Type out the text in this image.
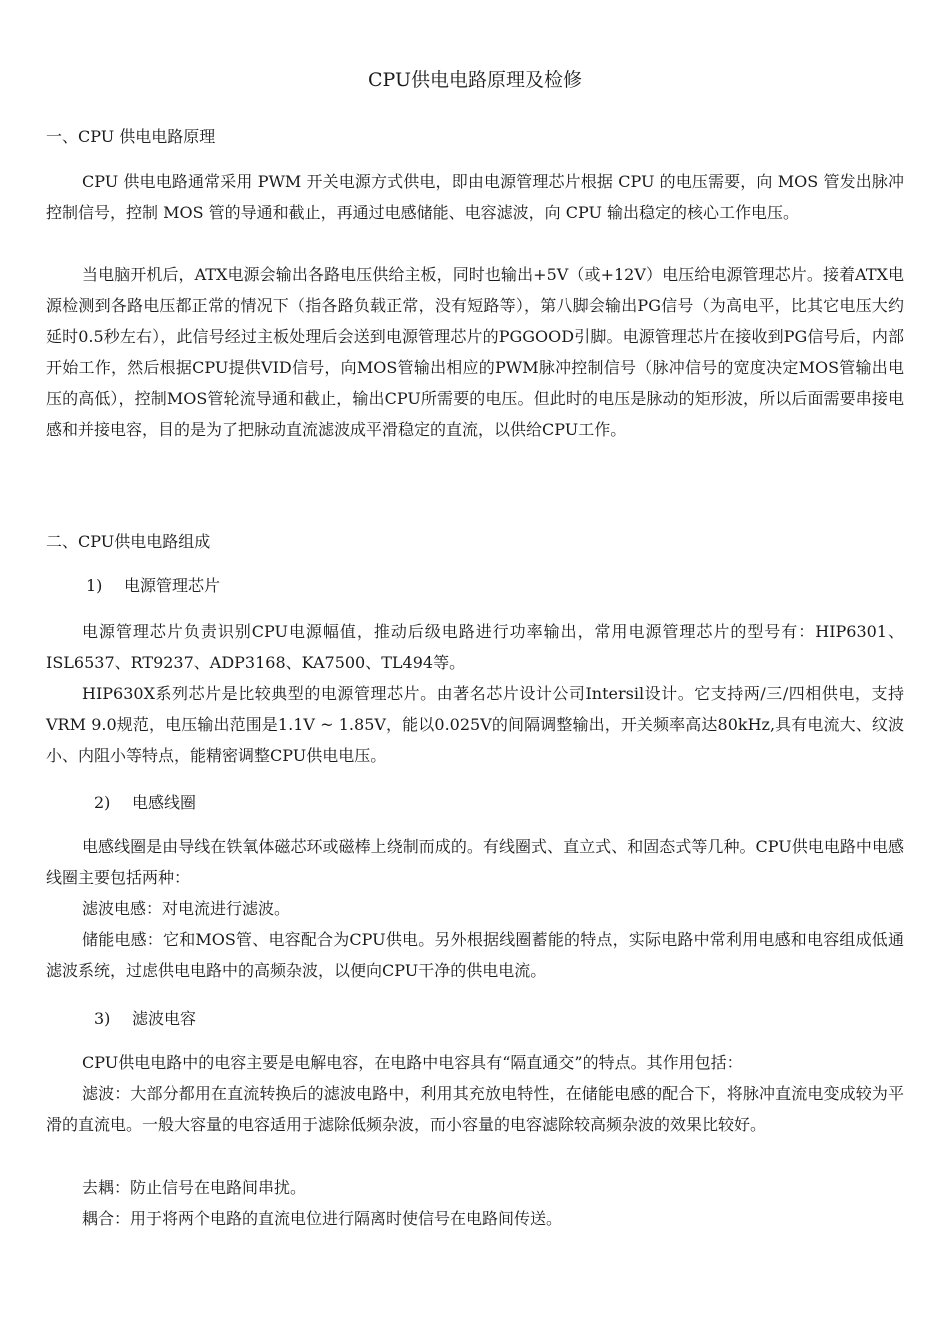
CPU供电电路原理及检修
一、CPU 供电电路原理

CPU 供电电路通常采用 PWM 开关电源方式供电，即由电源管理芯片根据 CPU 的电压需要，向 MOS 管发出脉冲控制信号，控制 MOS 管的导通和截止，再通过电感储能、电容滤波，向 CPU 输出稳定的核心工作电压。

当电脑开机后，ATX电源会输出各路电压供给主板，同时也输出+5V（或+12V）电压给电源管理芯片。接着ATX电源检测到各路电压都正常的情况下（指各路负载正常，没有短路等），第八脚会输出PG信号（为高电平，比其它电压大约延时0.5秒左右），此信号经过主板处理后会送到电源管理芯片的PGGOOD引脚。电源管理芯片在接收到PG信号后，内部开始工作，然后根据CPU提供VID信号，向MOS管输出相应的PWM脉冲控制信号（脉冲信号的宽度决定MOS管输出电压的高低），控制MOS管轮流导通和截止，输出CPU所需要的电压。但此时的电压是脉动的矩形波，所以后面需要串接电感和并接电容，目的是为了把脉动直流滤波成平滑稳定的直流，以供给CPU工作。

二、CPU供电电路组成
1) 电源管理芯片

电源管理芯片负责识别CPU电源幅值，推动后级电路进行功率输出，常用电源管理芯片的型号有：HIP6301、ISL6537、RT9237、ADP3168、KA7500、TL494等。

HIP630X系列芯片是比较典型的电源管理芯片。由著名芯片设计公司Intersil设计。它支持两/三/四相供电，支持VRM 9.0规范，电压输出范围是1.1V ~ 1.85V，能以0.025V的间隔调整输出，开关频率高达80kHz,具有电流大、纹波小、内阻小等特点，能精密调整CPU供电电压。

2) 电感线圈

电感线圈是由导线在铁氧体磁芯环或磁棒上绕制而成的。有线圈式、直立式、和固态式等几种。CPU供电电路中电感线圈主要包括两种：

滤波电感：对电流进行滤波。

储能电感：它和MOS管、电容配合为CPU供电。另外根据线圈蓄能的特点，实际电路中常利用电感和电容组成低通滤波系统，过虑供电电路中的高频杂波，以便向CPU干净的供电电流。

3) 滤波电容

CPU供电电路中的电容主要是电解电容，在电路中电容具有“隔直通交”的特点。其作用包括：

滤波：大部分都用在直流转换后的滤波电路中，利用其充放电特性，在储能电感的配合下，将脉冲直流电变成较为平滑的直流电。一般大容量的电容适用于滤除低频杂波，而小容量的电容滤除较高频杂波的效果比较好。

去耦：防止信号在电路间串扰。

耦合：用于将两个电路的直流电位进行隔离时使信号在电路间传送。
